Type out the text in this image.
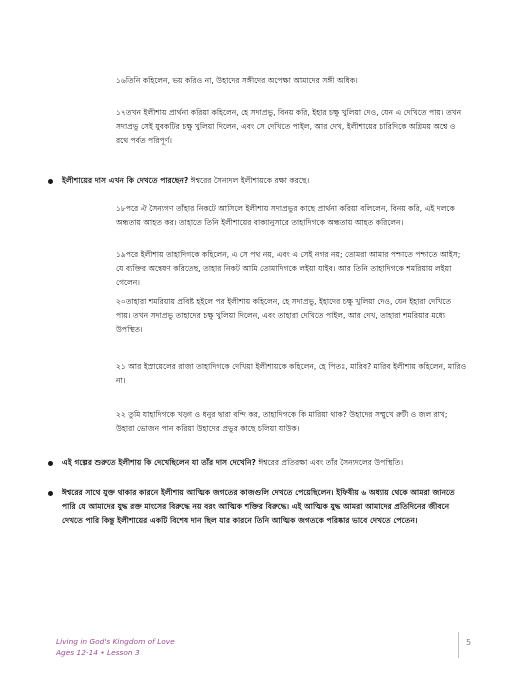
১৬তিনি কহিলেন, ভয় করিও না, উহাদের সঙ্গীদের অপেক্ষা আমাদের সঙ্গী অধিক।

১৭তখন ইলীশায় প্রার্থনা করিয়া কহিলেন, হে সদাপ্রভু, বিনয় করি, ইহার চক্ষু খুলিয়া দেও, যেন এ দেখিতে পায়। তখন সদাপ্রভু সেই যুবকটির চক্ষু খুলিয়া দিলেন, এবং সে দেখিতে পাইল, আর দেখ, ইলীশায়ের চারিদিকে অগ্নিময় অশ্বে ও রথে পর্বত পরিপূর্ণ।

ইলীশায়ের দাস এখন কি দেখতে পারছেন? ঈশ্বরের সৈন্যদল ইলীশায়কে রক্ষা করছে।

১৮পরে ঐ সৈন্যগণ তাঁহার নিকটে আসিলে ইলীশায় সদাপ্রভুর কাছে প্রার্থনা করিয়া বলিলেন, বিনয় করি, এই দলকে অন্ধতায় আহত কর। তাহাতে তিনি ইলীশায়ের বাক্যানুসারে তাহাদিগকে অন্ধতায় আহত করিলেন।

১৯পরে ইলীশায় তাহাদিগকে কহিলেন, এ সে পথ নয়, এবং এ সেই নগর নয়; তোমরা আমার পশ্চাতে পশ্চাতে আইস; যে ব্যক্তির অন্বেষণ করিতেছ, তাহার নিকট আমি তোমাদিগকে লইয়া যাইব। আর তিনি তাহাদিগকে শমরিয়ায় লইয়া গেলেন।

২০তাহারা শমরিয়ায় প্রবিষ্ট হইলে পর ইলীশায় কহিলেন, হে সদাপ্রভু, ইহাদের চক্ষু খুলিয়া দেও, যেন ইহারা দেখিতে পায়। তখন সদাপ্রভু তাহাদের চক্ষু খুলিয়া দিলেন, এবং তাহারা দেখিতে পাইল, আর দেখ, তাহারা শমরিয়ার মধ্যে উপস্থিত।

২১ আর ইস্রায়েলের রাজা তাহাদিগকে দেখিয়া ইলীশায়কে কহিলেন, হে পিতঃ, মারিব? মারিব ইলীশায় কহিলেন, মারিও না।

২২ তুমি যাহাদিগকে খড়্গ ও ধনুর দ্বারা বন্দি কর, তাহাদিগকে কি মারিয়া থাক? উহাদের সম্মুখে রুটী ও জল রাখ; উহারা ভোজন পান করিয়া উহাদের প্রভুর কাছে চলিয়া যাউক।

এই গল্পের শুরুতে ইলীশায় কি দেখেছিলেন যা তাঁর দাস দেখেনি? ঈশ্বরের প্রতিরক্ষা এবং তাঁর সৈন্যদলের উপস্থিতি।

ঈশ্বরের সাথে যুক্ত থাকার কারনে ইলীশায় আত্মিক জগতের কাজগুলি দেখতে পেয়েছিলেন। ইফিষীয় ৬ অধ্যায় থেকে আমরা জানতে পারি যে আমাদের যুদ্ধ রক্ত মাংসের বিরুদ্ধে নয় বরং আত্মিক শক্তির বিরুদ্ধে। এই আত্মিক যুদ্ধ আমরা আমাদের প্রতিদিনের জীবনে দেখতে পারি কিন্তু ইলীশায়ের একটি বিশেষ দান ছিল যার কারনে তিনি আত্মিক জগতকে পরিষ্কার ভাবে দেখতে পেতেন।

Living in God's Kingdom of Love
Ages 12-14 • Lesson 3
5
